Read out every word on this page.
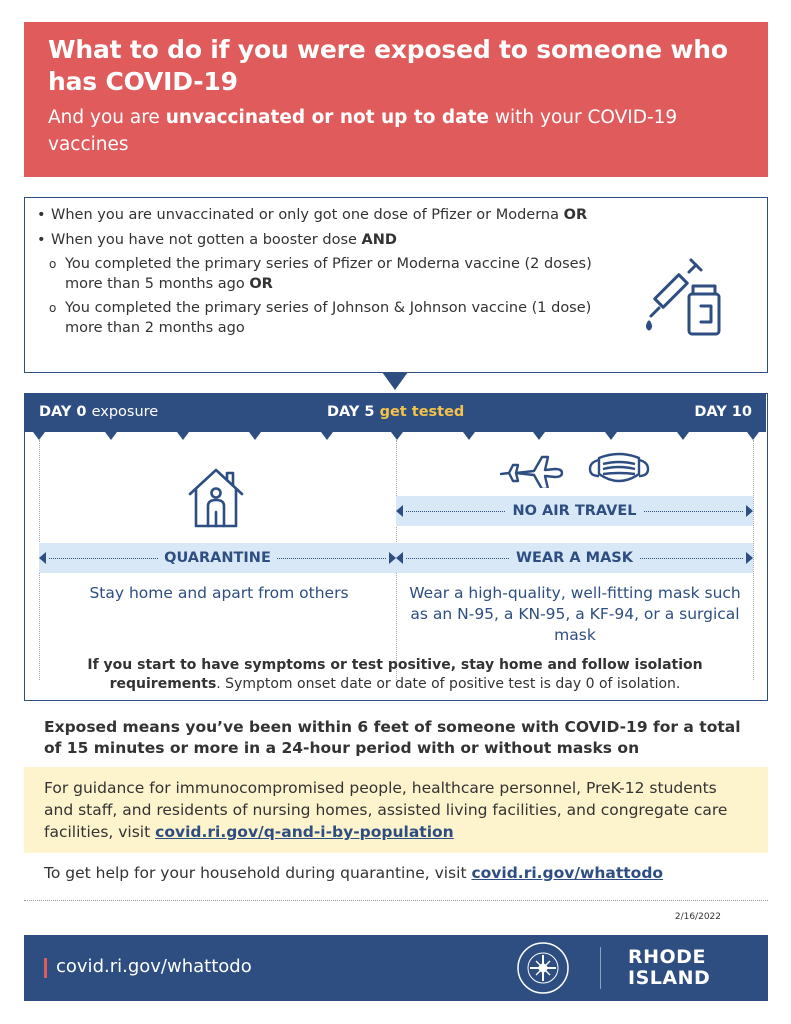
What to do if you were exposed to someone who has COVID-19
And you are unvaccinated or not up to date with your COVID-19 vaccines
• When you are unvaccinated or only got one dose of Pfizer or Moderna OR
• When you have not gotten a booster dose AND
o You completed the primary series of Pfizer or Moderna vaccine (2 doses) more than 5 months ago OR
o You completed the primary series of Johnson & Johnson vaccine (1 dose) more than 2 months ago
DAY 0 exposure	DAY 5 get tested	DAY 10
NO AIR TRAVEL
QUARANTINE	WEAR A MASK
Stay home and apart from others	Wear a high-quality, well-fitting mask such as an N-95, a KN-95, a KF-94, or a surgical mask
If you start to have symptoms or test positive, stay home and follow isolation requirements. Symptom onset date or date of positive test is day 0 of isolation.
Exposed means you’ve been within 6 feet of someone with COVID-19 for a total of 15 minutes or more in a 24-hour period with or without masks on
For guidance for immunocompromised people, healthcare personnel, PreK-12 students and staff, and residents of nursing homes, assisted living facilities, and congregate care facilities, visit covid.ri.gov/q-and-i-by-population
To get help for your household during quarantine, visit covid.ri.gov/whattodo
2/16/2022
covid.ri.gov/whattodo	RHODE
ISLAND
